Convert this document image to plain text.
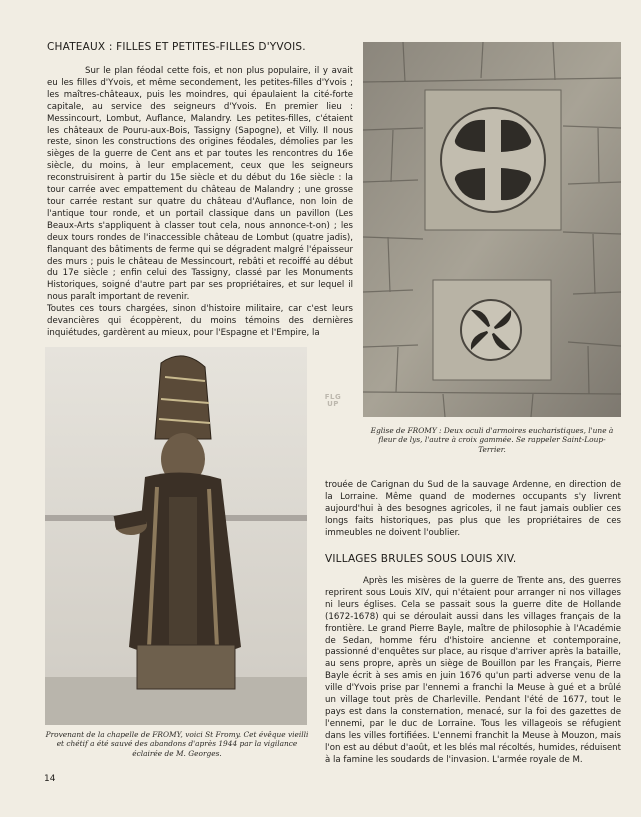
CHATEAUX : FILLES ET PETITES-FILLES D'YVOIS.

Sur le plan féodal cette fois, et non plus populaire, il y avait eu les filles d'Yvois, et même secondement, les petites-filles d'Yvois ; les maîtres-châteaux, puis les moindres, qui épaulaient la cité-forte capitale, au service des seigneurs d'Yvois. En premier lieu : Messincourt, Lombut, Auflance, Malandry. Les petites-filles, c'étaient les châteaux de Pouru-aux-Bois, Tassigny (Sapogne), et Villy. Il nous reste, sinon les constructions des origines féodales, démolies par les sièges de la guerre de Cent ans et par toutes les rencontres du 16e siècle, du moins, à leur emplacement, ceux que les seigneurs reconstruisirent à partir du 15e siècle et du début du 16e siècle : la tour carrée avec empattement du château de Malandry ; une grosse tour carrée restant sur quatre du château d'Auflance, non loin de l'antique tour ronde, et un portail classique dans un pavillon (Les Beaux-Arts s'appliquent à classer tout cela, nous annonce-t-on) ; les deux tours rondes de l'inaccessible château de Lombut (quatre jadis), flanquant des bâtiments de ferme qui se dégradent malgré l'épaisseur des murs ; puis le château de Messincourt, rebâti et recoiffé au début du 17e siècle ; enfin celui des Tassigny, classé par les Monuments Historiques, soigné d'autre part par ses propriétaires, et sur lequel il nous paraît important de revenir.

Toutes ces tours chargées, sinon d'histoire militaire, car c'est leurs devancières qui écoppèrent, du moins témoins des dernières inquiétudes, gardèrent au mieux, pour l'Espagne et l'Empire, la

Eglise de FROMY : Deux oculi d'armoires eucharistiques, l'une à fleur de lys, l'autre à croix gammée. Se rappeler Saint-Loup-Terrier.

FLG
UP

Provenant de la chapelle de FROMY, voici St Fromy. Cet évêque vieilli et chétif a été sauvé des abandons d'après 1944 par la vigilance éclairée de M. Georges.

trouée de Carignan du Sud de la sauvage Ardenne, en direction de la Lorraine. Même quand de modernes occupants s'y livrent aujourd'hui à des besognes agricoles, il ne faut jamais oublier ces longs faits historiques, pas plus que les propriétaires de ces immeubles ne doivent l'oublier.

VILLAGES BRULES SOUS LOUIS XIV.

Après les misères de la guerre de Trente ans, des guerres reprirent sous Louis XIV, qui n'étaient pour arranger ni nos villages ni leurs églises. Cela se passait sous la guerre dite de Hollande (1672-1678) qui se déroulait aussi dans les villages français de la frontière. Le grand Pierre Bayle, maître de philosophie à l'Académie de Sedan, homme féru d'histoire ancienne et contemporaine, passionné d'enquêtes sur place, au risque d'arriver après la bataille, au sens propre, après un siège de Bouillon par les Français, Pierre Bayle écrit à ses amis en juin 1676 qu'un parti adverse venu de la ville d'Yvois prise par l'ennemi a franchi la Meuse à gué et a brûlé un village tout près de Charleville. Pendant l'été de 1677, tout le pays est dans la consternation, menacé, sur la foi des gazettes de l'ennemi, par le duc de Lorraine. Tous les villageois se réfugient dans les villes fortifiées. L'ennemi franchit la Meuse à Mouzon, mais l'on est au début d'août, et les blés mal récoltés, humides, réduisent à la famine les soudards de l'invasion. L'armée royale de M.

14
